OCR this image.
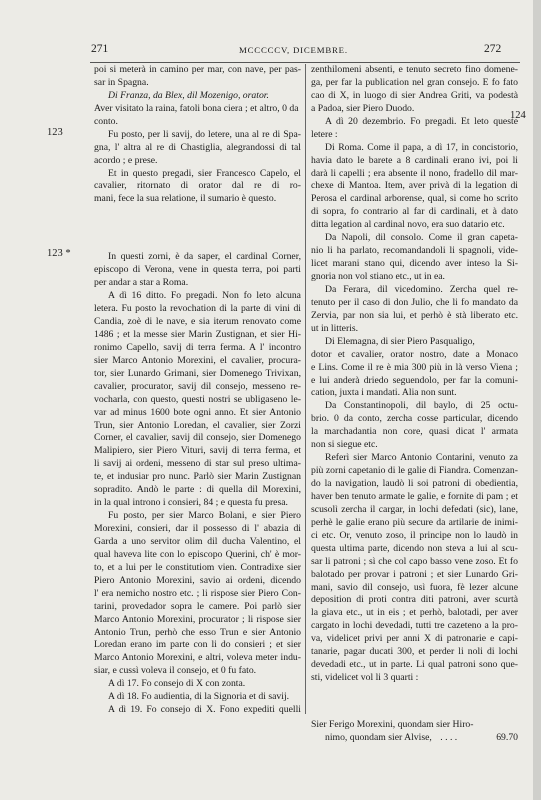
271	MCCCCCV, DICEMBRE.	272
123
123 *
124
poi si meterà in camino per mar, con nave, per pas-
sar in Spagna.
Di Franza, da Blex, dil Mozenigo, orator.
Aver visitato la raina, fatoli bona ciera ; et altro, 0 da
conto.
Fu posto, per li savij, do letere, una al re di Spa-
gna, l' altra al re di Chastiglia, alegrandossi di tal
acordo ; e prese.
Et in questo pregadi, sier Francesco Capelo, el
cavalier, ritornato di orator dal re di ro-
mani, fece la sua relatione, il sumario è questo.
In questi zorni, è da saper, el cardinal Corner,
episcopo di Verona, vene in questa terra, poi parti
per andar a star a Roma.
A dì 16 ditto. Fo pregadi. Non fo leto alcuna
letera. Fu posto la revochation di la parte di vini di
Candia, zoè di le nave, e sia iterum renovato come
1486 ; et la messe sier Marin Zustignan, et sier Hi-
ronimo Capello, savij di terra ferma. A l' incontro
sier Marco Antonio Morexini, el cavalier, procura-
tor, sier Lunardo Grimani, sier Domenego Trivixan,
cavalier, procurator, savij dil consejo, messeno re-
vocharla, con questo, questi nostri se ubligaseno le-
var ad minus 1600 bote ogni anno. Et sier Antonio
Trun, sier Antonio Loredan, el cavalier, sier Zorzi
Corner, el cavalier, savij dil consejo, sier Domenego
Malipiero, sier Piero Vituri, savij di terra ferma, et
li savij ai ordeni, messeno di star sul preso ultima-
te, et indusiar pro nunc. Parlò sier Marin Zustignan
sopradito. Andò le parte : di quella dil Morexini,
in la qual introno i consieri, 84 ; e questa fu presa.
Fu posto, per sier Marco Bolani, e sier Piero
Morexini, consieri, dar il possesso di l' abazia di
Garda a uno servitor olim dil ducha Valentino, el
qual haveva lite con lo episcopo Querini, ch' è mor-
to, et a lui per le constitutiom vien. Contradixe sier
Piero Antonio Morexini, savio ai ordeni, dicendo
l' era nemicho nostro etc. ; li rispose sier Piero Con-
tarini, provedador sopra le camere. Poi parlò sier
Marco Antonio Morexini, procurator ; li rispose sier
Antonio Trun, perhò che esso Trun e sier Antonio
Loredan erano im parte con li do consieri ; et sier
Marco Antonio Morexini, e altri, voleva meter indu-
siar, e cussì voleva il consejo, et 0 fu fato.
A dì 17. Fo consejo di X con zonta.
A dì 18. Fo audientia, di la Signoria et di savij.
A dì 19. Fo consejo di X. Fono expediti quelli
zenthilomeni absenti, e tenuto secreto fino domene-
ga, per far la publication nel gran consejo. E fo fato
cao di X, in luogo di sier Andrea Griti, va podestà
a Padoa, sier Piero Duodo.
A dì 20 dezembrio. Fo pregadi. Et leto queste
letere :
Di Roma. Come il papa, a dì 17, in concistorio,
havia dato le barete a 8 cardinali erano ivi, poi li
darà li capelli ; era absente il nono, fradello dil mar-
chexe di Mantoa. Item, aver privà di la legation di
Perosa el cardinal arborense, qual, si come ho scrito
di sopra, fo contrario al far di cardinali, et à dato
ditta legation al cardinal novo, era suo datario etc.
Da Napoli, dil consolo. Come il gran capeta-
nio li ha parlato, recomandandoli li spagnoli, vide-
licet marani stano qui, dicendo aver inteso la Si-
gnoria non vol stiano etc., ut in ea.
Da Ferara, dil vicedomino. Zercha quel re-
tenuto per il caso di don Julio, che li fo mandato da
Zervia, par non sia lui, et perhò è stà liberato etc.
ut in litteris.
Di Elemagna, di sier Piero Pasqualigo,
dotor et cavalier, orator nostro, date a Monaco
e Lins. Come il re è mia 300 più in là verso Viena ;
e lui anderà driedo seguendolo, per far la comuni-
cation, juxta i mandati. Alia non sunt.
Da Constantinopoli, dil baylo, di 25 octu-
brio. 0 da conto, zercha cosse particular, dicendo
la marchadantia non core, quasi dicat l' armata
non si siegue etc.
Referì sier Marco Antonio Contarini, venuto za
più zorni capetanio di le galie di Fiandra. Comenzan-
do la navigation, laudò li soi patroni di obedientia,
haver ben tenuto armate le galie, e fornite di pam ; et
scusolì zercha il cargar, in lochi defedati (sic), lane,
perhè le galie erano più secure da artilarie de inimi-
ci etc. Or, venuto zoso, il principe non lo laudò in
questa ultima parte, dicendo non steva a lui al scu-
sar li patroni ; sì che col capo basso vene zoso. Et fo
balotado per provar i patroni ; et sier Lunardo Gri-
mani, savio dil consejo, usì fuora, fè lezer alcune
deposition di proti contra diti patroni, aver scurtà
la giava etc., ut in eis ; et perhò, balotadi, per aver
cargato in lochi devedadi, tutti tre cazeteno a la pro-
va, videlicet privi per anni X di patronarie e capi-
tanarie, pagar ducati 300, et perder li noli di lochi
devedadi etc., ut in parte. Li qual patroni sono que-
sti, videlicet vol li 3 quarti :
Sier Ferigo Morexini, quondam sier Hiro-
nimo, quondam sier Alvise, . . . .	69.70
